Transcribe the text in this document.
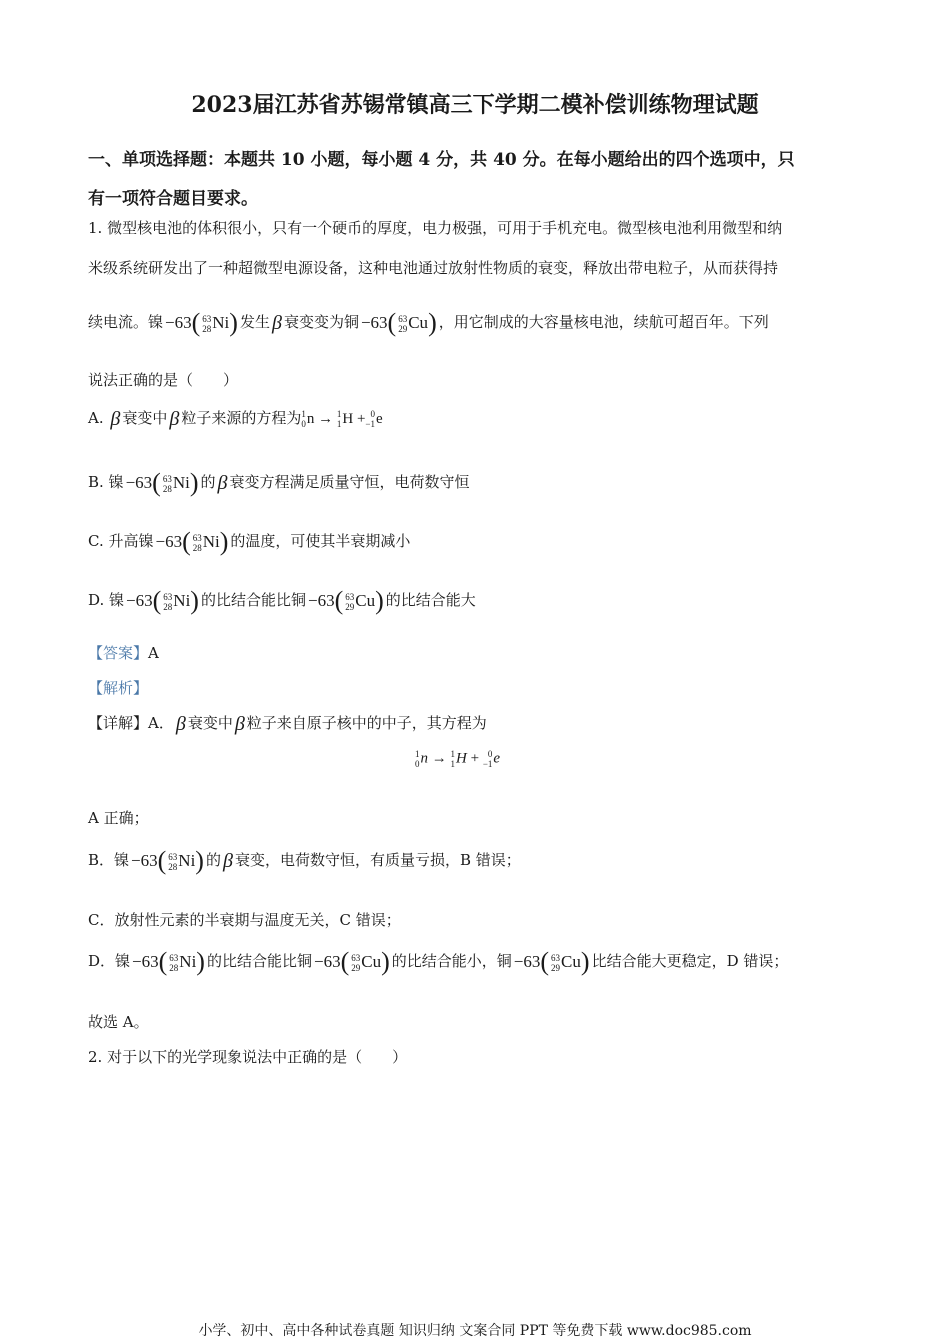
2023届江苏省苏锡常镇高三下学期二模补偿训练物理试题
一、单项选择题：本题共 10 小题，每小题 4 分，共 40 分。在每小题给出的四个选项中，只
有一项符合题目要求。
1. 微型核电池的体积很小，只有一个硬币的厚度，电力极强，可用于手机充电。微型核电池利用微型和纳
米级系统研发出了一种超微型电源设备，这种电池通过放射性物质的衰变，释放出带电粒子，从而获得持
续电流。镍 −63( 63
28Ni) 发生 β 衰变变为铜 −63( 63
29Cu) ，用它制成的大容量核电池，续航可超百年。下列
说法正确的是（　　）
A. β 衰变中 β 粒子来源的方程为1
0n → 1
1H + 0
−1e
B. 镍 −63( 63
28Ni) 的 β 衰变方程满足质量守恒，电荷数守恒
C. 升高镍 −63( 63
28Ni) 的温度，可使其半衰期减小
D. 镍 −63( 63
28Ni) 的比结合能比铜 −63( 63
29Cu) 的比结合能大
【答案】A
【解析】
【详解】A． β 衰变中 β 粒子来自原子核中的中子，其方程为
1
0n → 1
1H + 0
−1e
A 正确；
B．镍 −63( 63
28Ni) 的 β 衰变，电荷数守恒，有质量亏损，B 错误；
C．放射性元素的半衰期与温度无关，C 错误；
D．镍 −63( 63
28Ni) 的比结合能比铜 −63( 63
29Cu) 的比结合能小，铜 −63( 63
29Cu) 比结合能大更稳定，D 错误；
故选 A。
2. 对于以下的光学现象说法中正确的是（　　）
小学、初中、高中各种试卷真题 知识归纳 文案合同 PPT 等免费下载 www.doc985.com
